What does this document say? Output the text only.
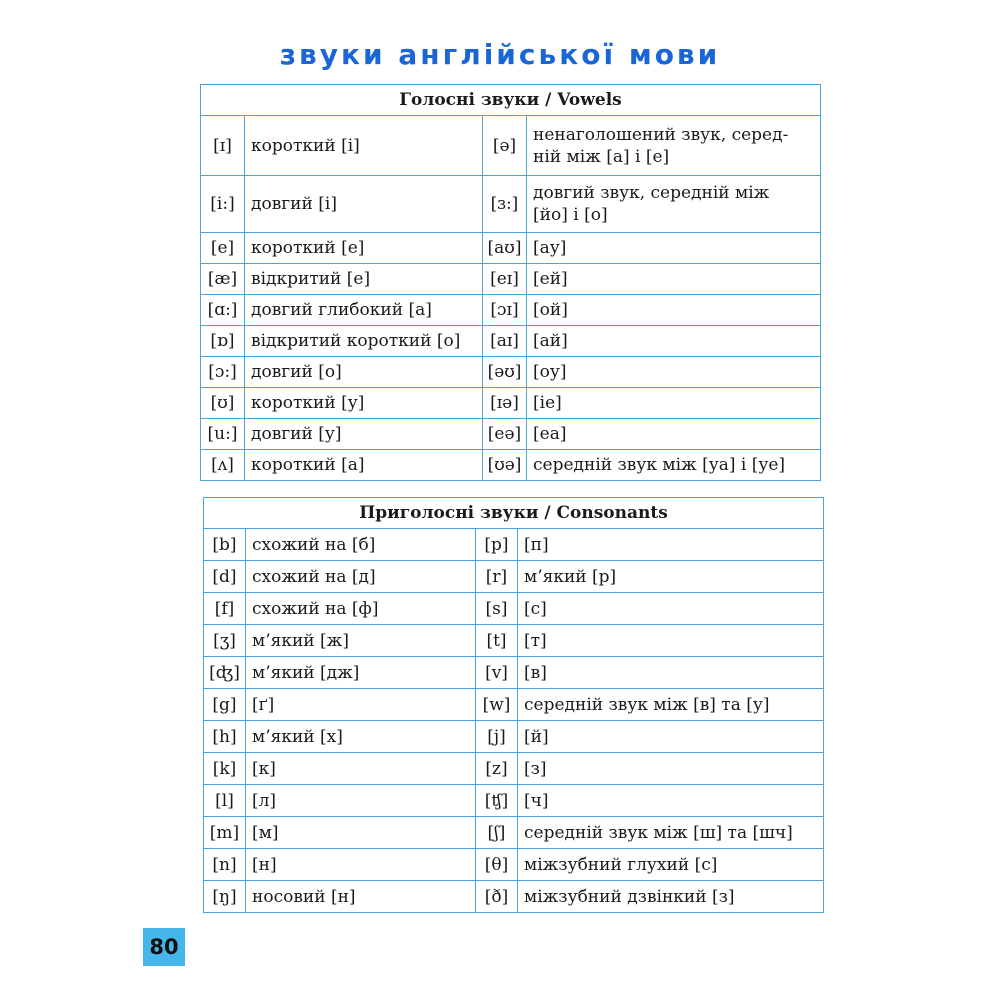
звуки англійської мови
Голосні звуки / Vowels			
[ɪ]	короткий [і]	[ə]	ненаголошений звук, серед-
ній між [а] і [е]
[i:]	довгий [і]	[ɜ:]	довгий звук, середній між
[йо] і [о]
[e]	короткий [е]	[aʊ]	[ау]
[æ]	відкритий [е]	[eɪ]	[ей]
[ɑ:]	довгий глибокий [а]	[ɔɪ]	[ой]
[ɒ]	відкритий короткий [о]	[aɪ]	[ай]
[ɔ:]	довгий [о]	[əʊ]	[оу]
[ʊ]	короткий [у]	[ɪə]	[іе]
[u:]	довгий [у]	[eə]	[еа]
[ʌ]	короткий [а]	[ʊə]	середній звук між [уа] і [уе]
Приголосні звуки / Consonants			
[b]	схожий на [б]	[p]	[п]
[d]	схожий на [д]	[r]	м’який [р]
[f]	схожий на [ф]	[s]	[с]
[ʒ]	м’який [ж]	[t]	[т]
[ʤ]	м’який [дж]	[v]	[в]
[g]	[ґ]	[w]	середній звук між [в] та [у]
[h]	м’який [х]	[j]	[й]
[k]	[к]	[z]	[з]
[l]	[л]	[ʧ]	[ч]
[m]	[м]	[ʃ]	середній звук між [ш] та [шч]
[n]	[н]	[θ]	міжзубний глухий [с]
[ŋ]	носовий [н]	[ð]	міжзубний дзвінкий [з]
80
